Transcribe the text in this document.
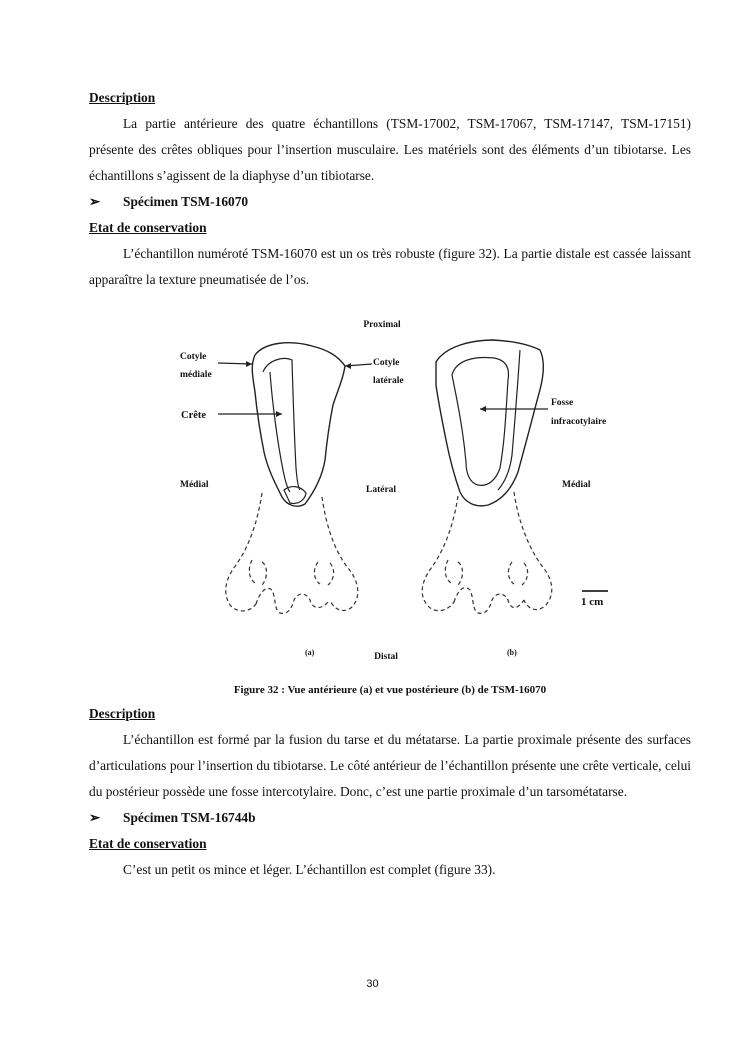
Description

La partie antérieure des quatre échantillons (TSM-17002, TSM-17067, TSM-17147, TSM-17151) présente des crêtes obliques pour l’insertion musculaire. Les matériels sont des éléments d’un tibiotarse. Les échantillons s’agissent de la diaphyse d’un tibiotarse.

➢	Spécimen TSM-16070

Etat de conservation

L’échantillon numéroté TSM-16070 est un os très robuste (figure 32). La partie distale est cassée laissant apparaître la texture pneumatisée de l’os.

Proximal
Cotyle
médiale
Cotyle
latérale
Crête
Fosse
infracotylaire
Médial	Latéral	Médial
1 cm
(a)	Distal	(b)
Figure 32 : Vue antérieure (a) et vue postérieure (b) de TSM-16070

Description

L’échantillon est formé par la fusion du tarse et du métatarse. La partie proximale présente des surfaces d’articulations pour l’insertion du tibiotarse. Le côté antérieur de l’échantillon présente une crête verticale, celui du postérieur possède une fosse intercotylaire. Donc, c’est une partie proximale d’un tarsométatarse.

➢	Spécimen TSM-16744b

Etat de conservation

C’est un petit os mince et léger. L’échantillon est complet (figure 33).

30
